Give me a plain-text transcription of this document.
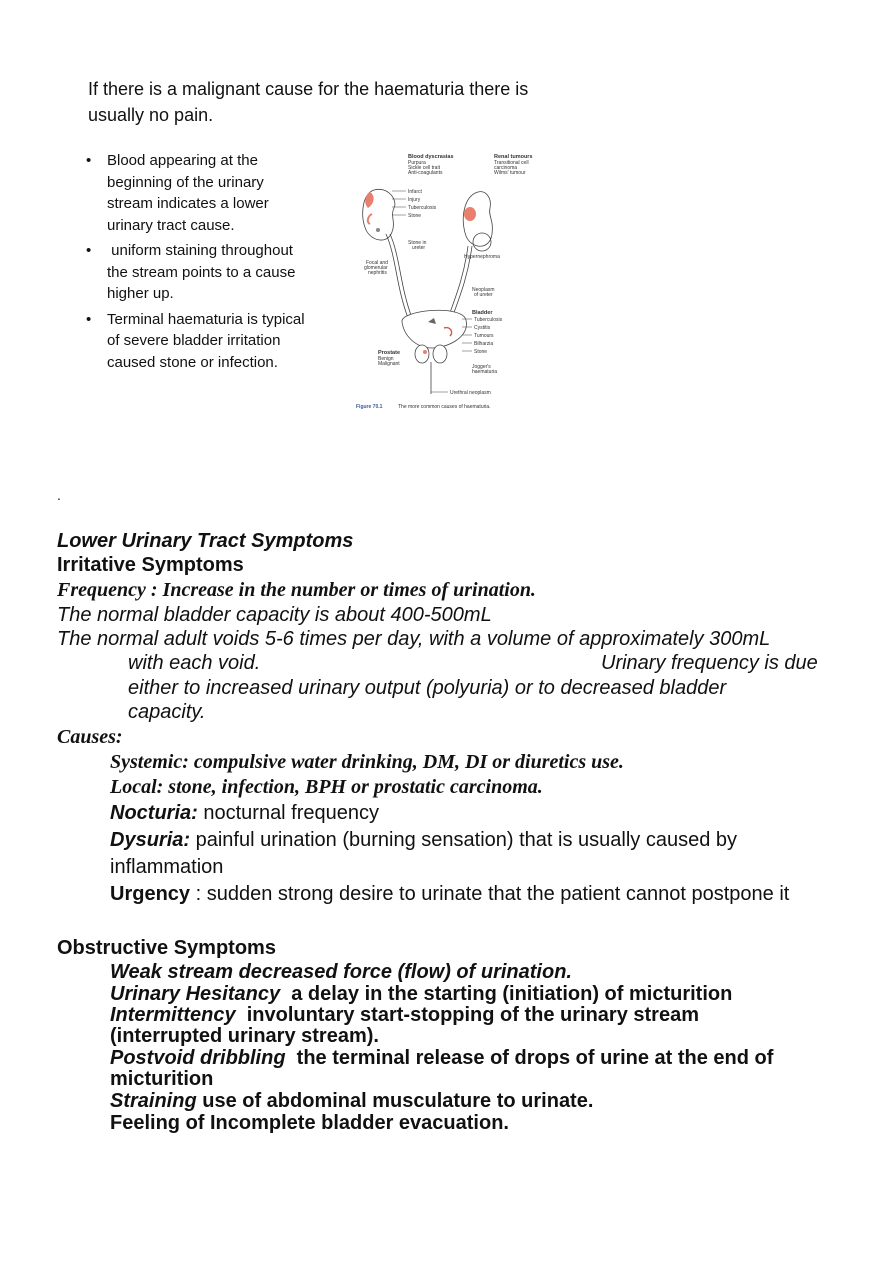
If there is a malignant cause for the haematuria there is
usually no pain.
• Blood appearing at the
beginning of the urinary
stream indicates a lower
urinary tract cause.
• uniform staining throughout
the stream points to a cause
higher up.
• Terminal haematuria is typical
of severe bladder irritation
caused stone or infection.
Blood dyscrasias
Purpura
Sickle cell trait
Anti-coagulants
Renal tumours
Transitional cell
carcinoma
Wilms' tumour
Infarct
Injury
Tuberculosis
Stone
Stone in
ureter
Focal and
glomerular
nephritis
Hypernephroma
Neoplasm
of ureter
Urethral neoplasm
Bladder
Tuberculosis
Cystitis
Tumours
Bilharzia
Stone
Jogger's
haematuria
Prostate
Benign
Malignant
Figure 70.1	The more common causes of haematuria.
.
Lower Urinary Tract Symptoms
Irritative Symptoms
Frequency : Increase in the number or times of urination.
The normal bladder capacity is about 400-500mL
The normal adult voids 5-6 times per day, with a volume of approximately 300mL
with each void.	Urinary frequency is due
either to increased urinary output (polyuria) or to decreased bladder
capacity.
Causes:
Systemic: compulsive water drinking, DM, DI or diuretics use.
Local: stone, infection, BPH or prostatic carcinoma.
Nocturia: nocturnal frequency
Dysuria: painful urination (burning sensation) that is usually caused by
inflammation
Urgency : sudden strong desire to urinate that the patient cannot postpone it
Obstructive Symptoms
Weak stream decreased force (flow) of urination.
Urinary Hesitancy  a delay in the starting (initiation) of micturition
Intermittency  involuntary start-stopping of the urinary stream
(interrupted urinary stream).
Postvoid dribbling  the terminal release of drops of urine at the end of
micturition
Straining use of abdominal musculature to urinate.
Feeling of Incomplete bladder evacuation.
